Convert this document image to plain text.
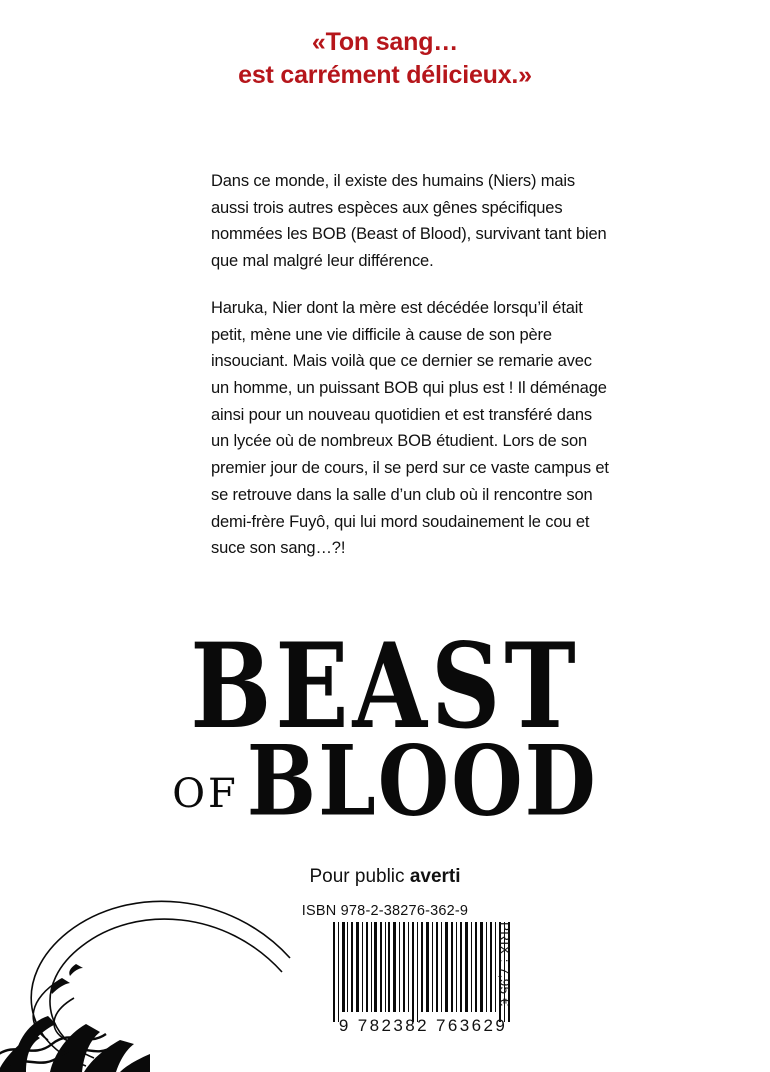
«Ton sang…
est carrément délicieux.»

Dans ce monde, il existe des humains (Niers) mais aussi trois autres espèces aux gênes spécifiques nommées les BOB (Beast of Blood), survivant tant bien que mal malgré leur différence.

Haruka, Nier dont la mère est décédée lorsqu’il était petit, mène une vie difficile à cause de son père insouciant. Mais voilà que ce dernier se remarie avec un homme, un puissant BOB qui plus est ! Il déménage ainsi pour un nouveau quotidien et est transféré dans un lycée où de nombreux BOB étudient. Lors de son premier jour de cours, il se perd sur ce vaste campus et se retrouve dans la salle d’un club où il rencontre son demi-frère Fuyô, qui lui mord soudainement le cou et suce son sang…?!

BEAST
OFBLOOD
Pour public averti
ISBN 978-2-38276-362-9
9 782382 763629
PRIX : 7,95 €
